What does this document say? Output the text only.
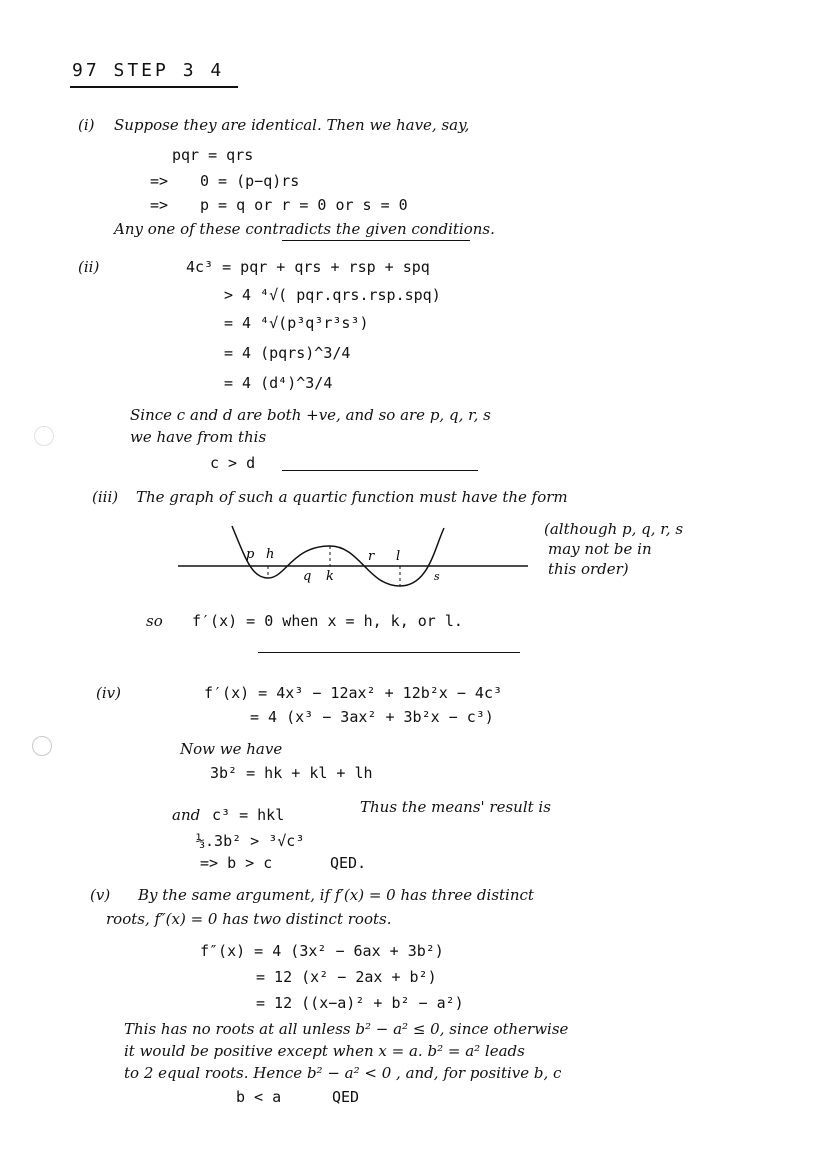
97 STEP 3 4
(i) Suppose they are identical. Then we have, say,
pqr = qrs
=> 0 = (p−q)rs
=> p = q or r = 0 or s = 0
Any one of these contradicts the given conditions.
(ii)	4c³ = pqr + qrs + rsp + spq
> 4 ⁴√( pqr.qrs.rsp.spq)
= 4 ⁴√(p³q³r³s³)
= 4 (pqrs)^3/4
= 4 (d⁴)^3/4
Since c and d are both +ve, and so are p, q, r, s
we have from this
c > d
(iii) The graph of such a quartic function must have the form
(although p, q, r, s
may not be in
this order)
p h
q k
r l
s
so f′(x) = 0 when x = h, k, or l.
(iv)	f′(x) = 4x³ − 12ax² + 12b²x − 4c³
= 4 (x³ − 3ax² + 3b²x − c³)
Now we have
3b² = hk + kl + lh
and c³ = hkl	Thus the means' result is
⅓.3b² > ³√c³
=> b > c	QED.
(v) By the same argument, if f′(x) = 0 has three distinct
roots, f″(x) = 0 has two distinct roots.
f″(x) = 4 (3x² − 6ax + 3b²)
= 12 (x² − 2ax + b²)
= 12 ((x−a)² + b² − a²)
This has no roots at all unless b² − a² ≤ 0, since otherwise
it would be positive except when x = a. b² = a² leads
to 2 equal roots. Hence b² − a² < 0 , and, for positive b, c
b < a	QED
